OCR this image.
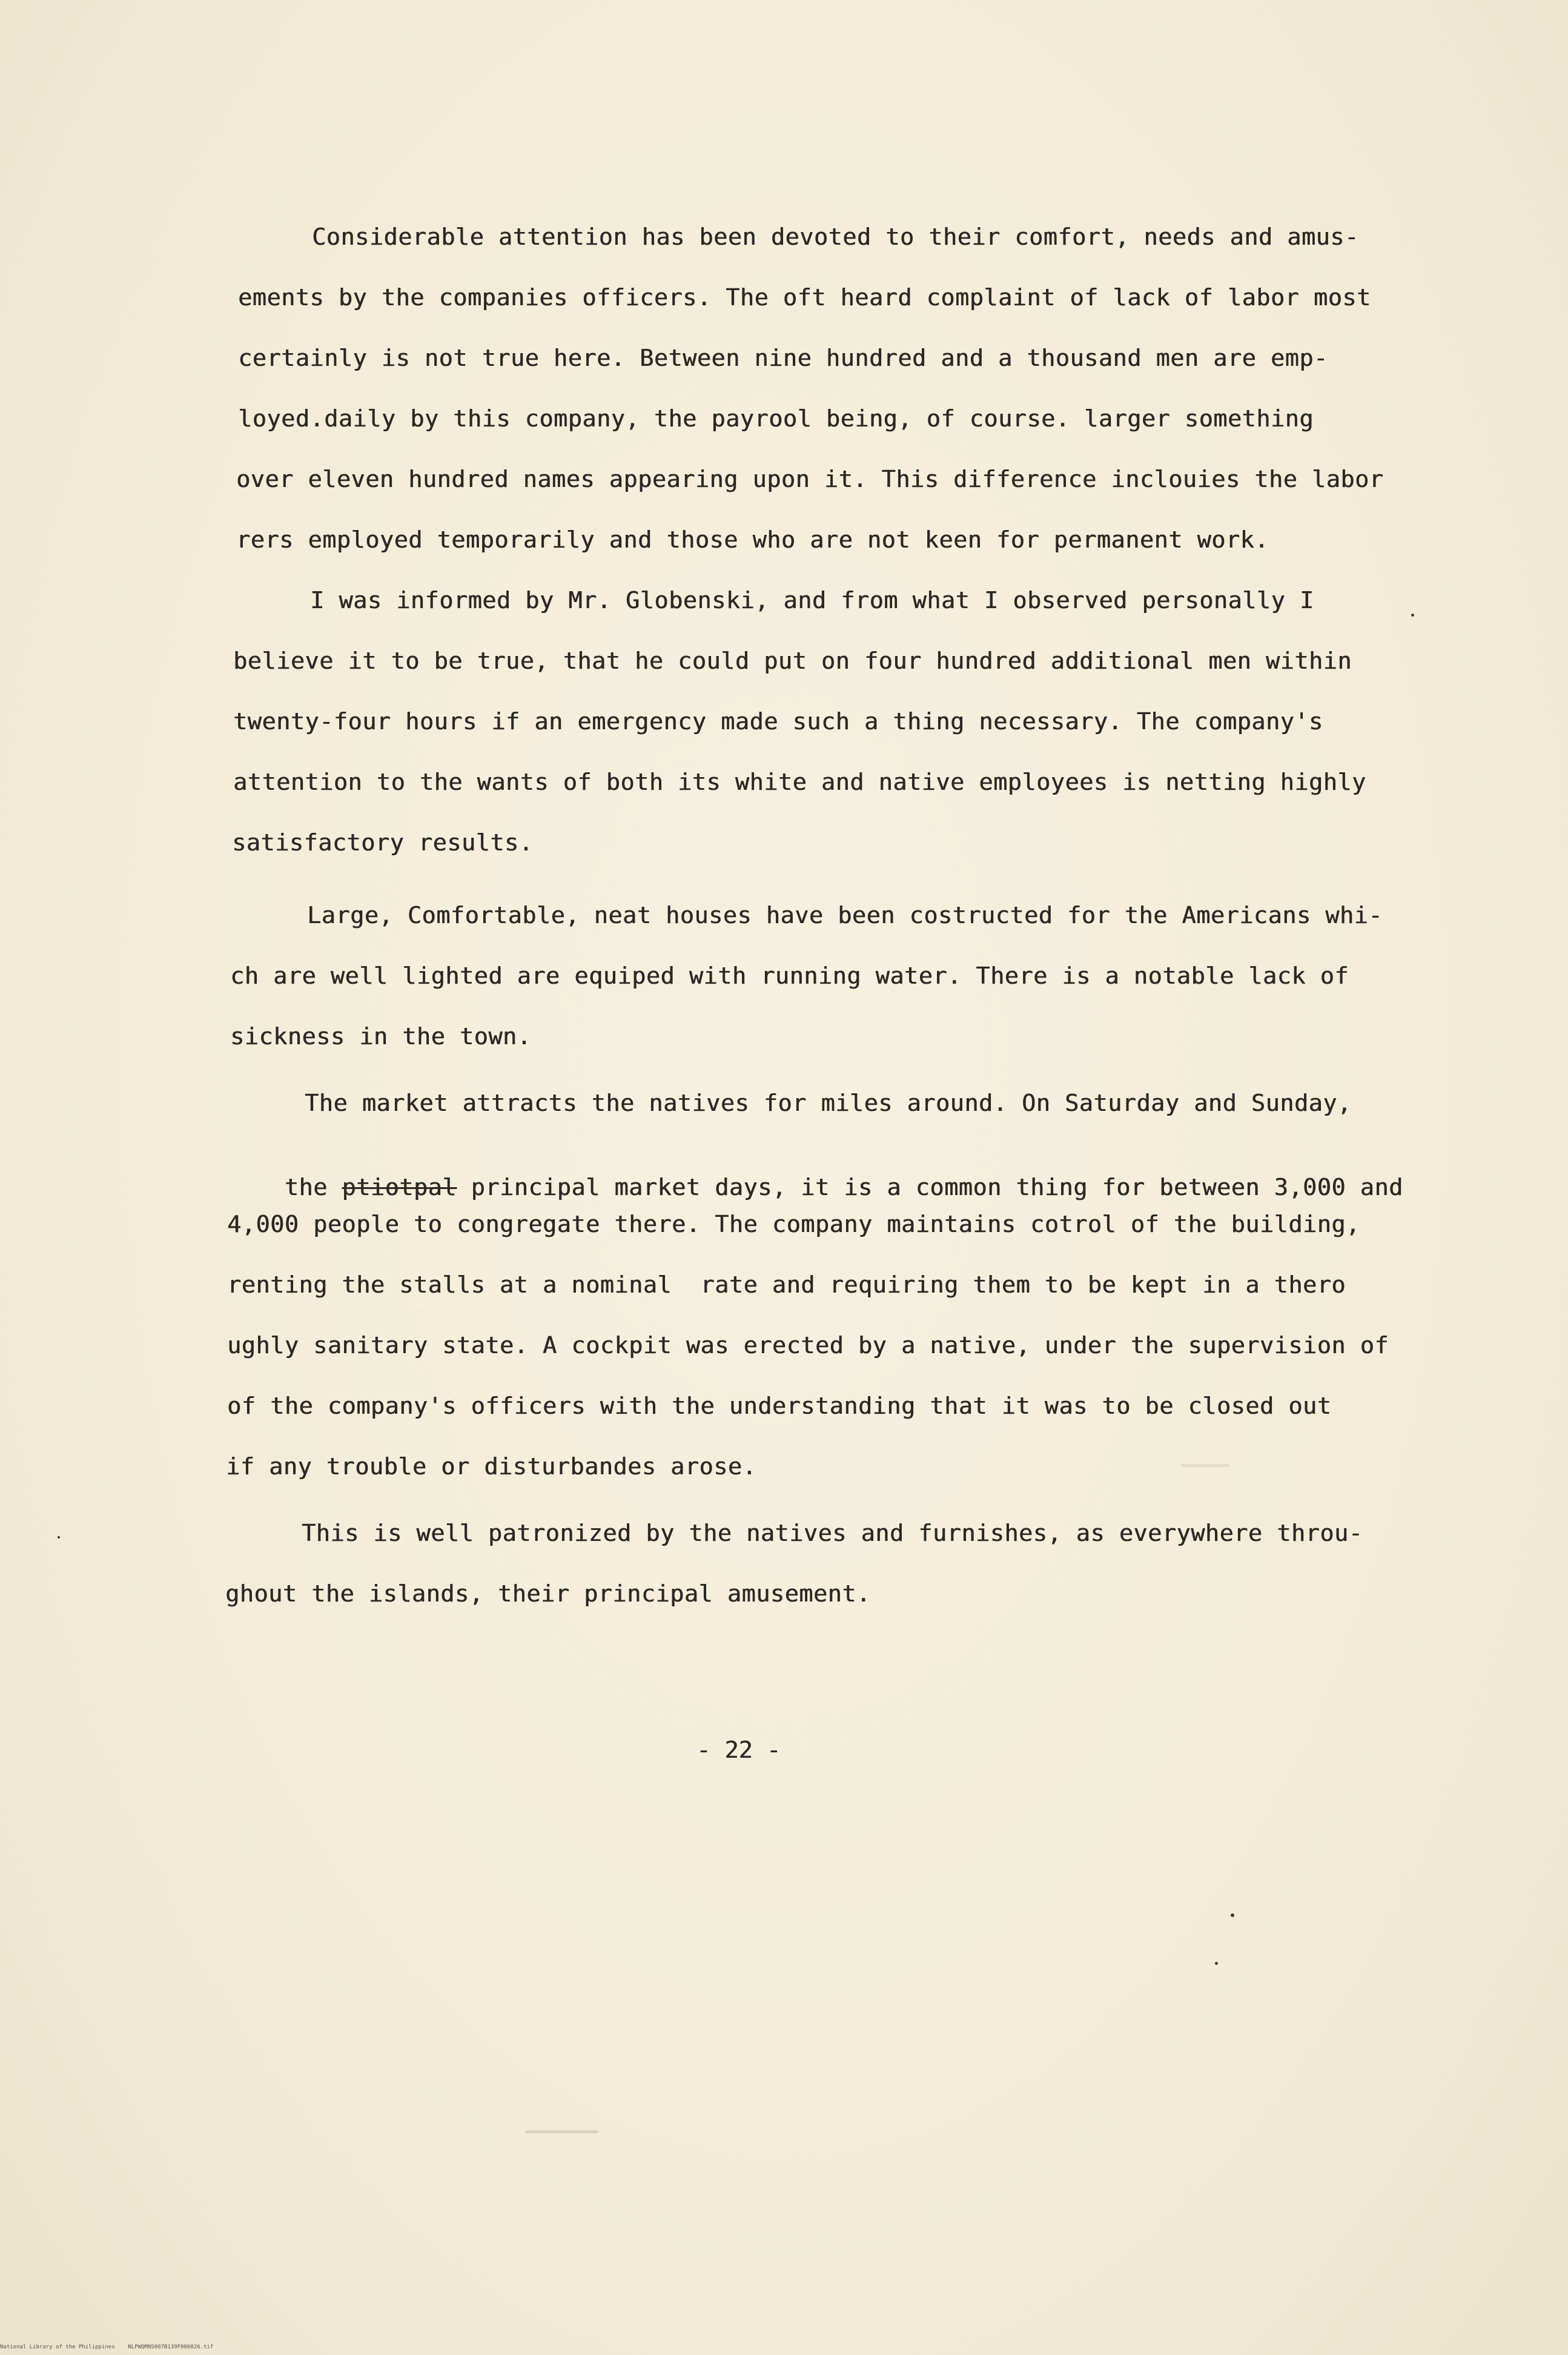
Considerable attention has been devoted to their comfort, needs and amus-

ements by the companies officers. The oft heard complaint of lack of labor most

certainly is not true here. Between nine hundred and a thousand men are emp-

loyed.daily by this company, the payrool being, of course. larger something

over eleven hundred names appearing upon it. This difference inclouies the labor

rers employed temporarily and those who are not keen for permanent work.

I was informed by Mr. Globenski, and from what I observed personally I

believe it to be true, that he could put on four hundred additional men within

twenty-four hours if an emergency made such a thing necessary. The company's

attention to the wants of both its white and native employees is netting highly

satisfactory results.

Large, Comfortable, neat houses have been costructed for the Americans whi-

ch are well lighted are equiped with running water. There is a notable lack of

sickness in the town.

The market attracts the natives for miles around. On Saturday and Sunday,

the ptiotpal principal market days, it is a common thing for between 3,000 and

4,000 people to congregate there. The company maintains cotrol of the building,

renting the stalls at a nominal  rate and requiring them to be kept in a thero

ughly sanitary state. A cockpit was erected by a native, under the supervision of

of the company's officers with the understanding that it was to be closed out

if any trouble or disturbandes arose.

This is well patronized by the natives and furnishes, as everywhere throu-

ghout the islands, their principal amusement.

- 22 -
National Library of the Philippines    NLPWQMNS007B139F006026.tif
